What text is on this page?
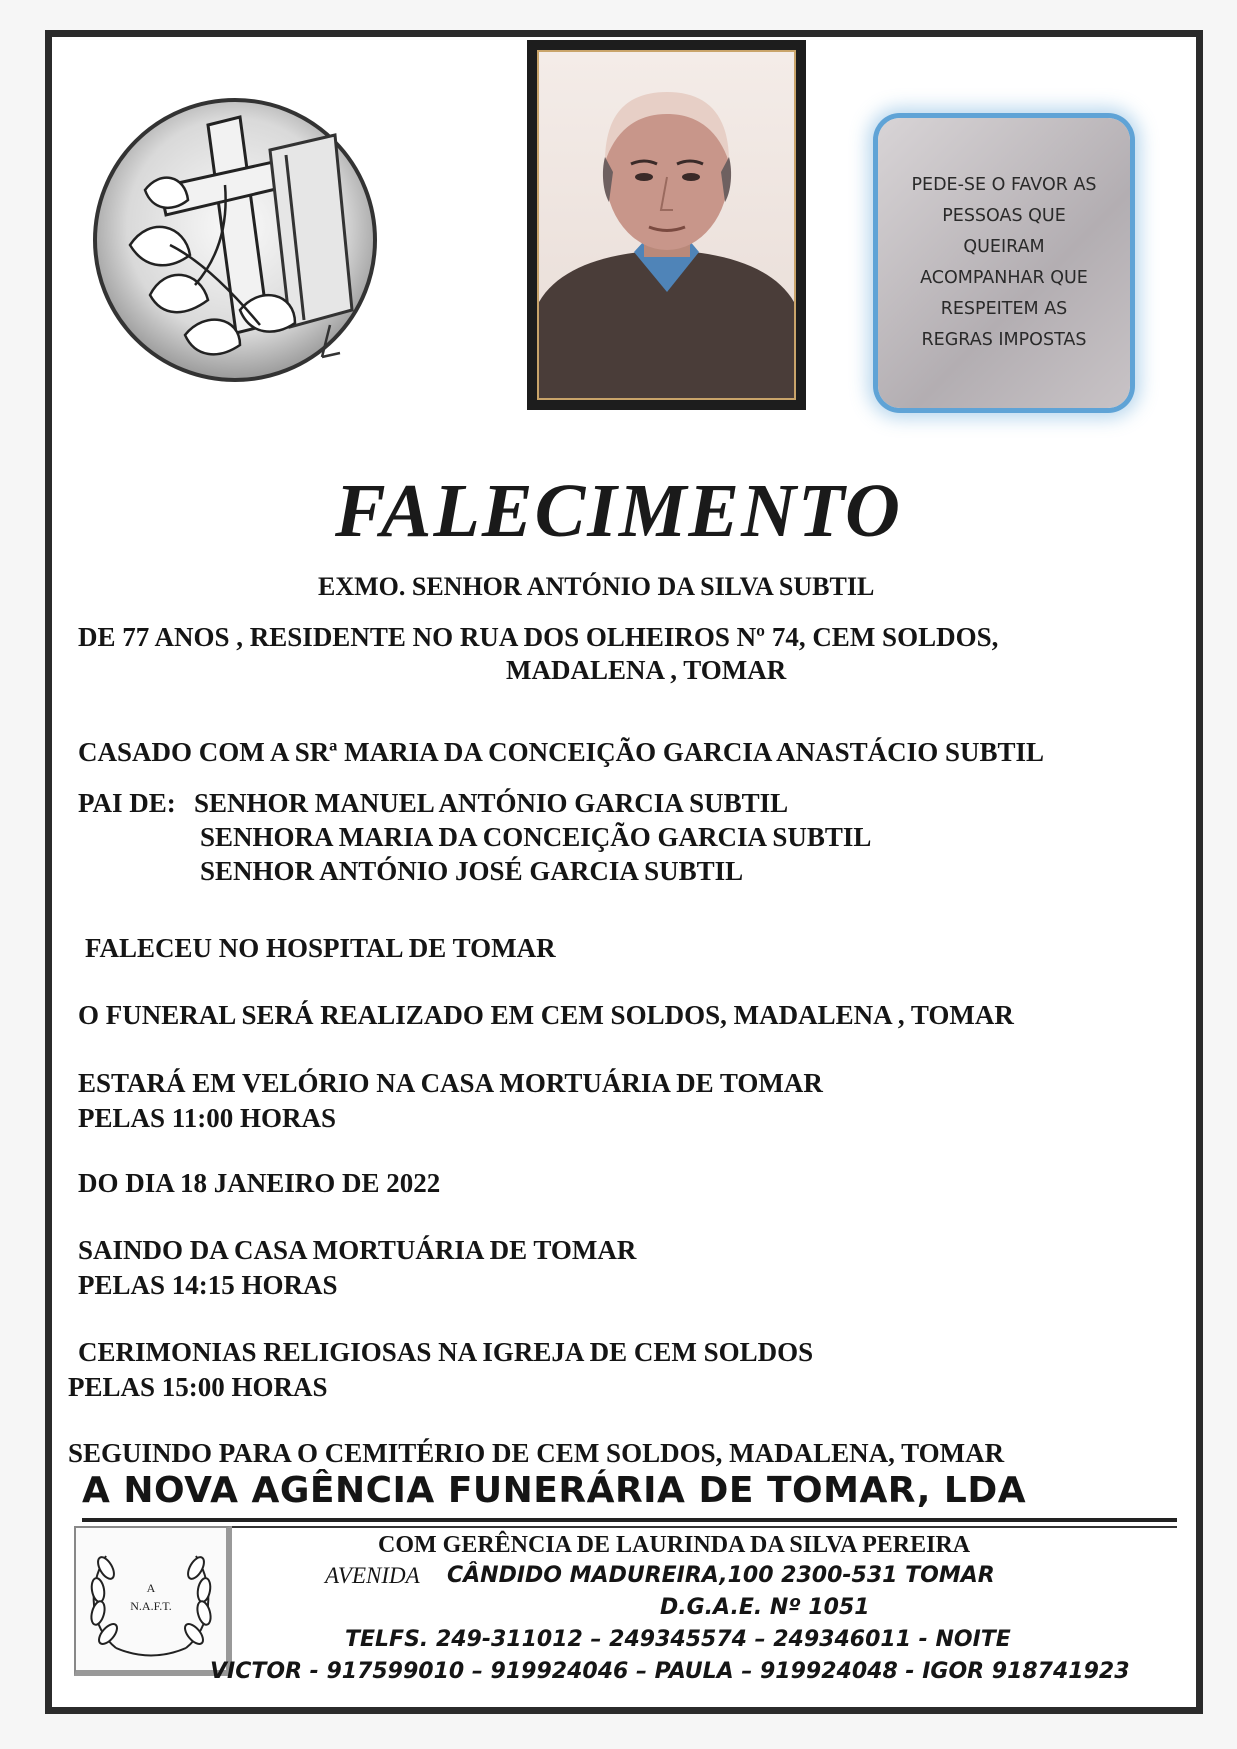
PEDE-SE O FAVOR AS
PESSOAS QUE
QUEIRAM
ACOMPANHAR QUE
RESPEITEM AS
REGRAS IMPOSTAS
FALECIMENTO
EXMO. SENHOR ANTÓNIO DA SILVA SUBTIL
DE 77 ANOS , RESIDENTE NO RUA DOS OLHEIROS Nº 74, CEM SOLDOS,
MADALENA , TOMAR
CASADO COM A SRª MARIA DA CONCEIÇÃO GARCIA ANASTÁCIO SUBTIL
PAI DE: SENHOR MANUEL ANTÓNIO GARCIA SUBTIL
SENHORA MARIA DA CONCEIÇÃO GARCIA SUBTIL
SENHOR ANTÓNIO JOSÉ GARCIA SUBTIL
FALECEU NO HOSPITAL DE TOMAR
O FUNERAL SERÁ REALIZADO EM CEM SOLDOS, MADALENA , TOMAR
ESTARÁ EM VELÓRIO NA CASA MORTUÁRIA DE TOMAR
PELAS 11:00 HORAS
DO DIA 18 JANEIRO DE 2022
SAINDO DA CASA MORTUÁRIA DE TOMAR
PELAS 14:15 HORAS
CERIMONIAS RELIGIOSAS NA IGREJA DE CEM SOLDOS
PELAS 15:00 HORAS
SEGUINDO PARA O CEMITÉRIO DE CEM SOLDOS, MADALENA, TOMAR
A NOVA AGÊNCIA FUNERÁRIA DE TOMAR, LDA
A
N.A.F.T.
COM GERÊNCIA DE LAURINDA DA SILVA PEREIRA
AVENIDA CÂNDIDO MADUREIRA,100 2300-531 TOMAR
D.G.A.E. Nº 1051
TELFS. 249-311012 – 249345574 – 249346011 - NOITE
VICTOR - 917599010 – 919924046 – PAULA – 919924048 - IGOR 918741923
